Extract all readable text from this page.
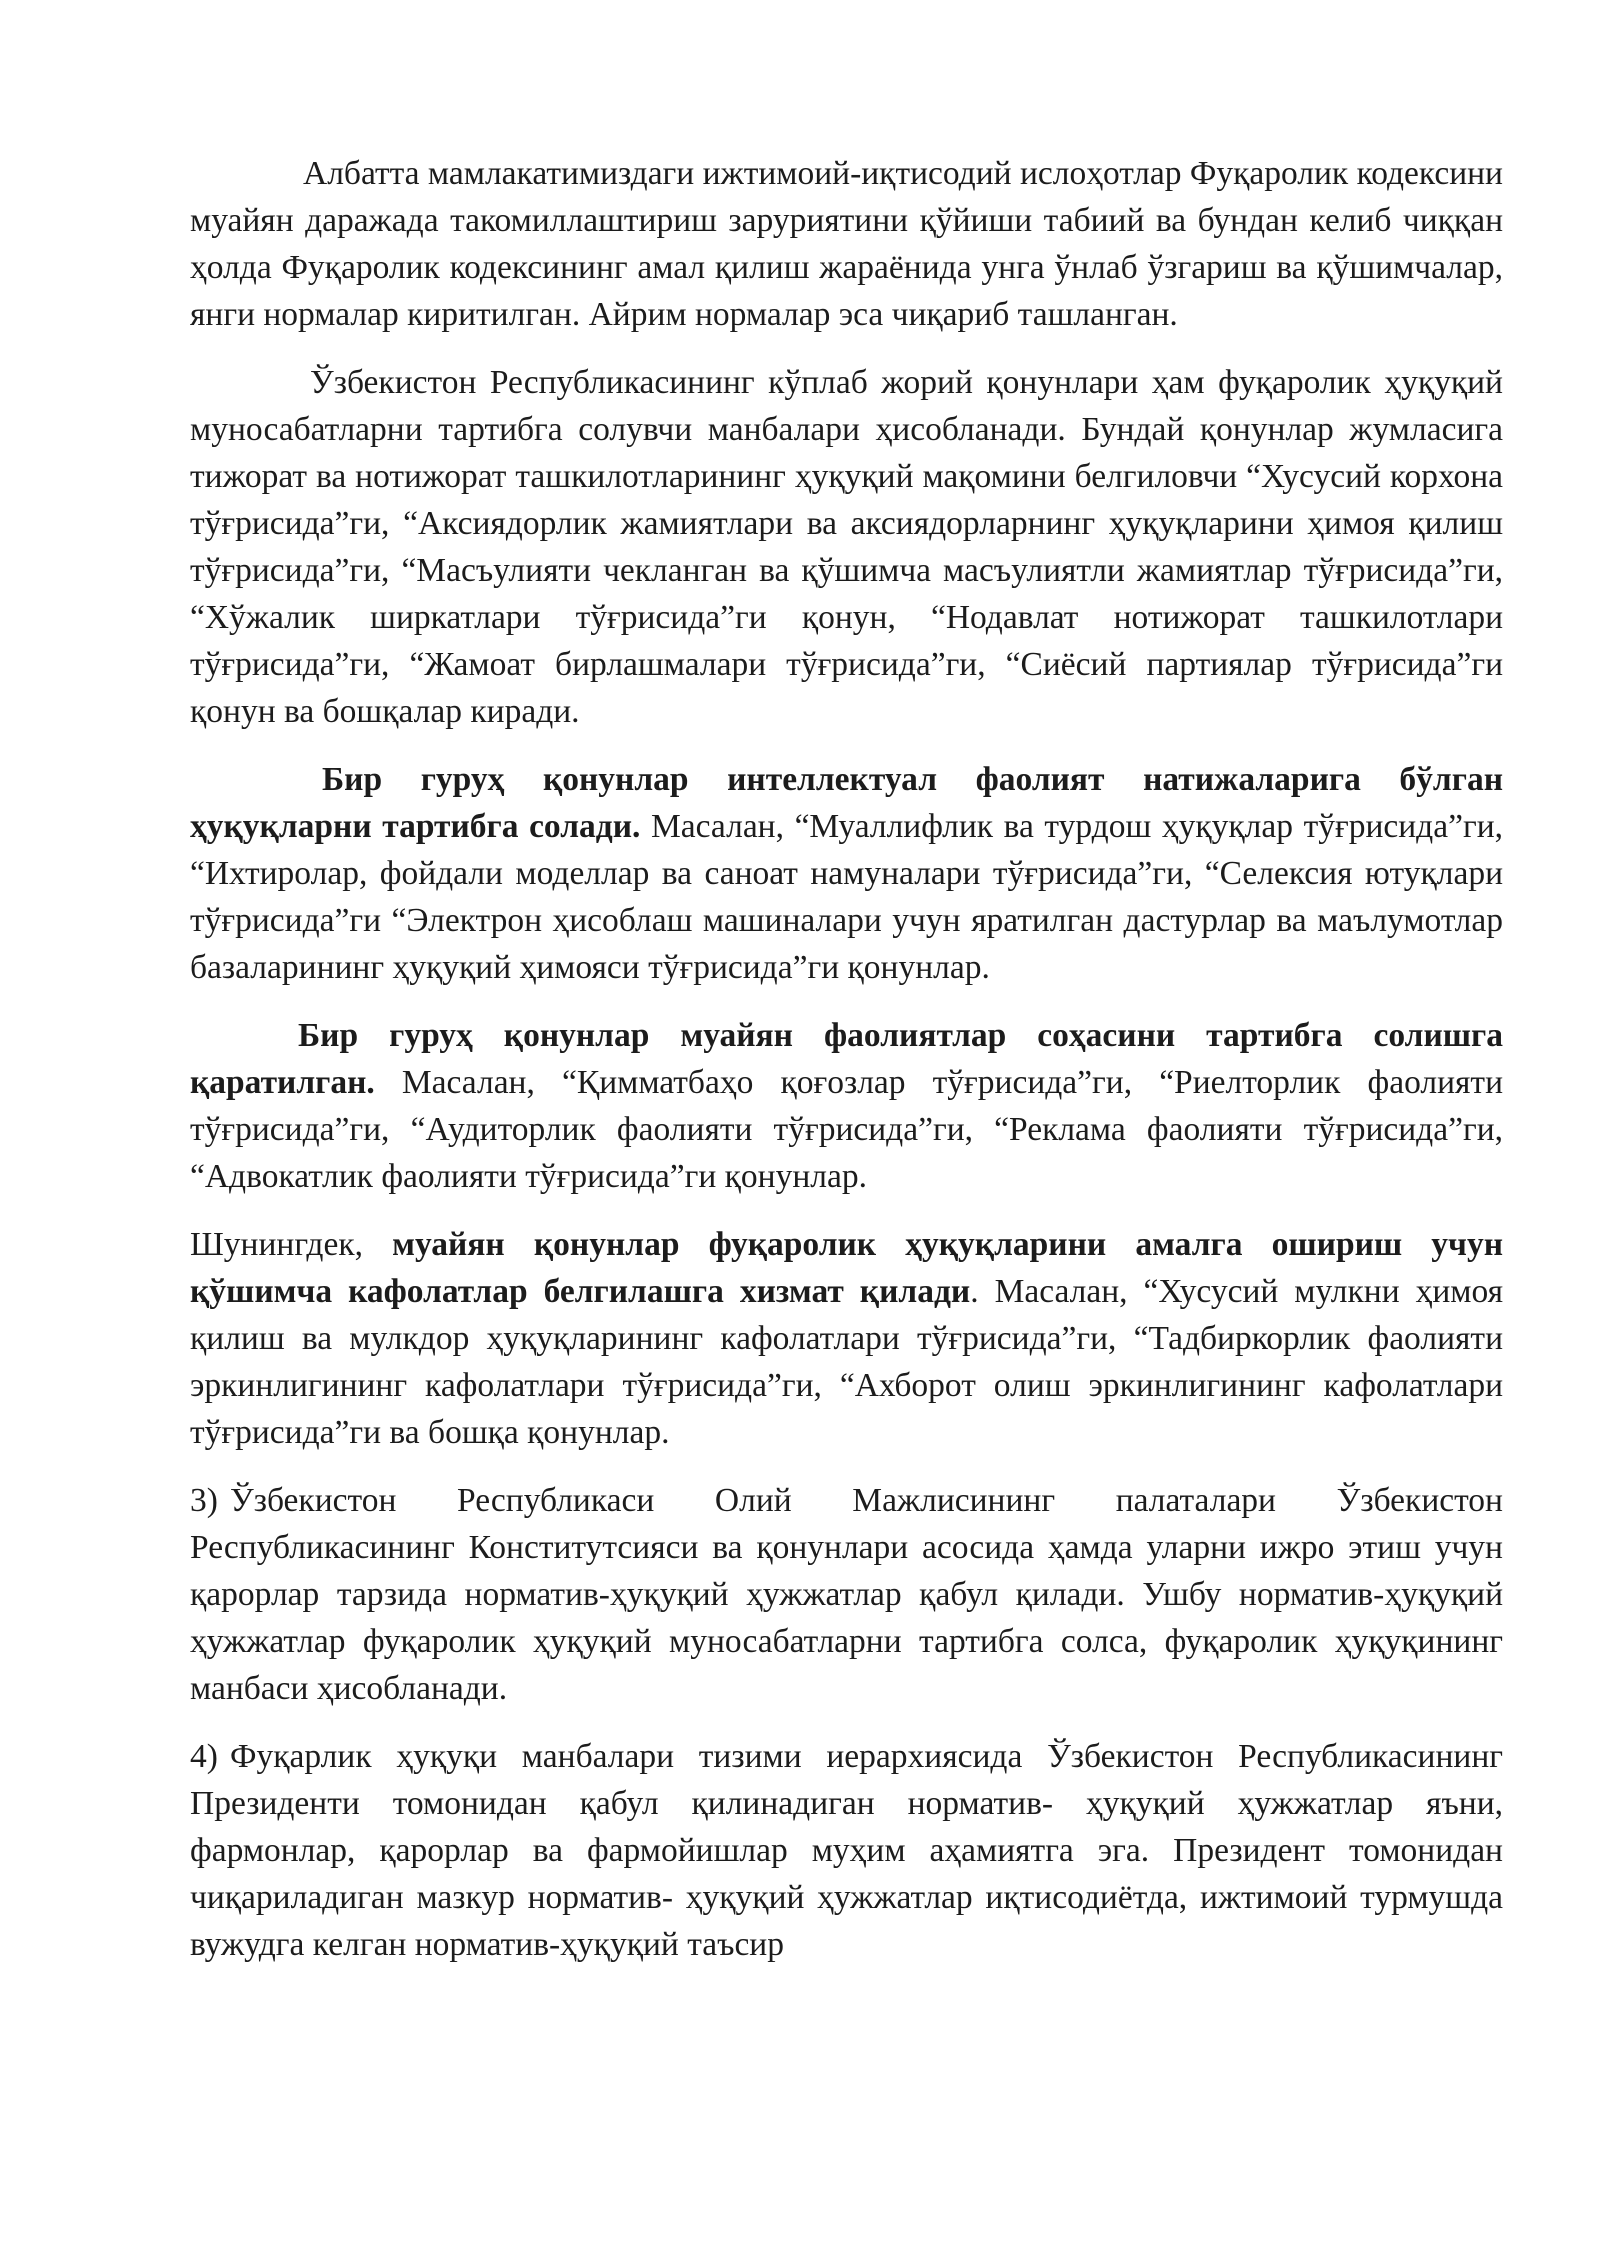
Албатта мамлакатимиздаги ижтимоий-иқтисодий ислоҳотлар Фуқаролик кодексини муайян даражада такомиллаштириш заруриятини қўйиши табиий ва бундан келиб чиққан ҳолда Фуқаролик кодексининг амал қилиш жараёнида унга ўнлаб ўзгариш ва қўшимчалар, янги нормалар киритилган. Айрим нормалар эса чиқариб ташланган.

Ўзбекистон Республикасининг кўплаб жорий қонунлари ҳам фуқаролик ҳуқуқий муносабатларни тартибга солувчи манбалари ҳисобланади. Бундай қонунлар жумласига тижорат ва нотижорат ташкилотларининг ҳуқуқий мақомини белгиловчи “Хусусий корхона тўғрисида”ги, “Аксиядорлик жамиятлари ва аксиядорларнинг ҳуқуқларини ҳимоя қилиш тўғрисида”ги, “Масъулияти чекланган ва қўшимча масъулиятли жамиятлар тўғрисида”ги, “Хўжалик ширкатлари тўғрисида”ги қонун, “Нодавлат нотижорат ташкилотлари тўғрисида”ги, “Жамоат бирлашмалари тўғрисида”ги, “Сиёсий партиялар тўғрисида”ги қонун ва бошқалар киради.

Бир гуруҳ қонунлар интеллектуал фаолият натижаларига бўлган ҳуқуқларни тартибга солади. Масалан, “Муаллифлик ва турдош ҳуқуқлар тўғрисида”ги, “Ихтиролар, фойдали моделлар ва саноат намуналари тўғрисида”ги, “Селексия ютуқлари тўғрисида”ги “Электрон ҳисоблаш машиналари учун яратилган дастурлар ва маълумотлар базаларининг ҳуқуқий ҳимояси тўғрисида”ги қонунлар.

Бир гуруҳ қонунлар муайян фаолиятлар соҳасини тартибга солишга қаратилган. Масалан, “Қимматбаҳо қоғозлар тўғрисида”ги, “Риелторлик фаолияти тўғрисида”ги, “Аудиторлик фаолияти тўғрисида”ги, “Реклама фаолияти тўғрисида”ги, “Адвокатлик фаолияти тўғрисида”ги қонунлар.

Шунингдек, муайян қонунлар фуқаролик ҳуқуқларини амалга ошириш учун қўшимча кафолатлар белгилашга хизмат қилади. Масалан, “Хусусий мулкни ҳимоя қилиш ва мулкдор ҳуқуқларининг кафолатлари тўғрисида”ги, “Тадбиркорлик фаолияти эркинлигининг кафолатлари тўғрисида”ги, “Ахборот олиш эркинлигининг кафолатлари тўғрисида”ги ва бошқа қонунлар.

3) Ўзбекистон Республикаси Олий Мажлисининг палаталари Ўзбекистон Республикасининг Конститутсияси ва қонунлари асосида ҳамда уларни ижро этиш учун қарорлар тарзида норматив-ҳуқуқий ҳужжатлар қабул қилади. Ушбу норматив-ҳуқуқий ҳужжатлар фуқаролик ҳуқуқий муносабатларни тартибга солса, фуқаролик ҳуқуқининг манбаси ҳисобланади.

4) Фуқарлик ҳуқуқи манбалари тизими иерархиясида Ўзбекистон Республикасининг Президенти томонидан қабул қилинадиган норматив- ҳуқуқий ҳужжатлар яъни, фармонлар, қарорлар ва фармойишлар муҳим аҳамиятга эга. Президент томонидан чиқариладиган мазкур норматив- ҳуқуқий ҳужжатлар иқтисодиётда, ижтимоий турмушда вужудга келган норматив-ҳуқуқий таъсир
